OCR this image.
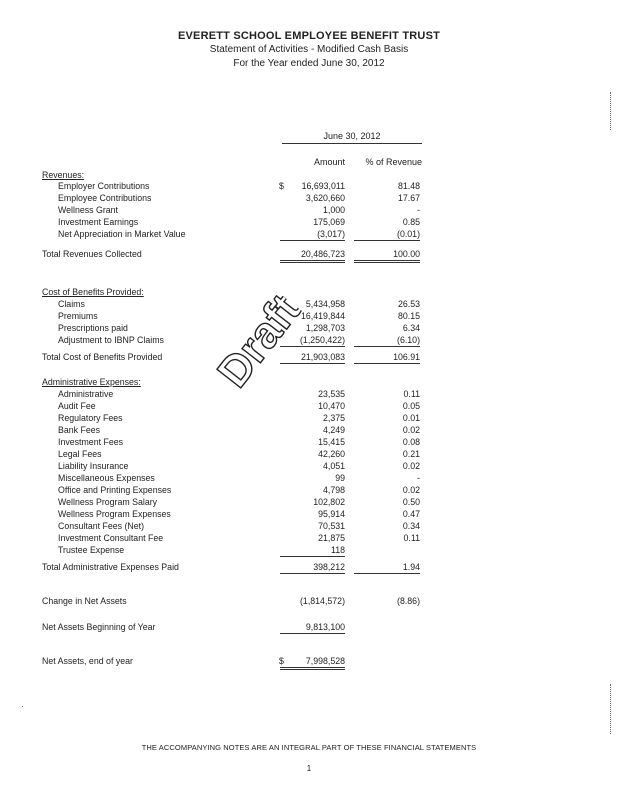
EVERETT SCHOOL EMPLOYEE BENEFIT TRUST
Statement of Activities - Modified Cash Basis
For the Year ended June 30, 2012
June 30, 2012
Amount	% of Revenue
Revenues:
Employer Contributions	$	16,693,011	81.48
Employee Contributions	3,620,660	17.67
Wellness Grant	1,000	-
Investment Earnings	175,069	0.85
Net Appreciation in Market Value	(3,017)	(0.01)
Total Revenues Collected	20,486,723	100.00
Cost of Benefits Provided:
Claims	5,434,958	26.53
Premiums	16,419,844	80.15
Prescriptions paid	1,298,703	6.34
Adjustment to IBNP Claims	(1,250,422)	(6.10)
Total Cost of Benefits Provided	21,903,083	106.91
Administrative Expenses:
Administrative	23,535	0.11
Audit Fee	10,470	0.05
Regulatory Fees	2,375	0.01
Bank Fees	4,249	0.02
Investment Fees	15,415	0.08
Legal Fees	42,260	0.21
Liability Insurance	4,051	0.02
Miscellaneous Expenses	99	-
Office and Printing Expenses	4,798	0.02
Wellness Program Salary	102,802	0.50
Wellness Program Expenses	95,914	0.47
Consultant Fees (Net)	70,531	0.34
Investment Consultant Fee	21,875	0.11
Trustee Expense	118
Total Administrative Expenses Paid	398,212	1.94
Change in Net Assets	(1,814,572)	(8.86)
Net Assets Beginning of Year	9,813,100
Net Assets, end of year	$	7,998,528
Draft
THE ACCOMPANYING NOTES ARE AN INTEGRAL PART OF THESE FINANCIAL STATEMENTS
1
